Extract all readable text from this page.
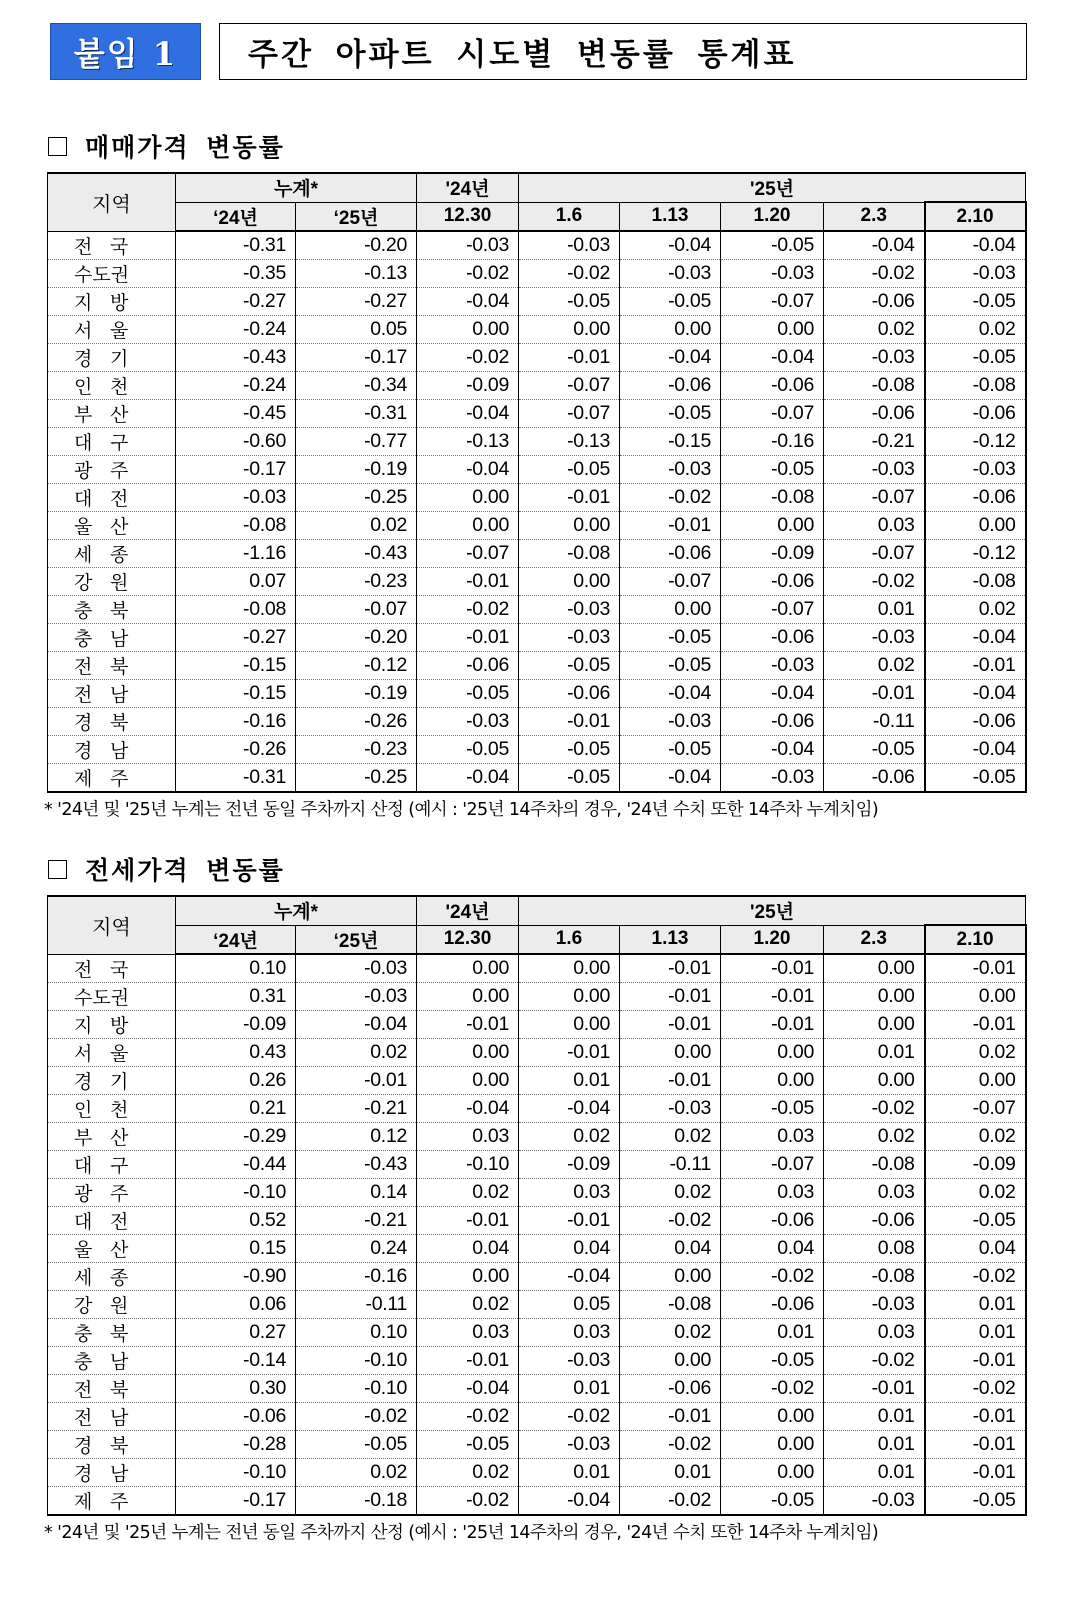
붙임 1	주간 아파트 시도별 변동률 통계표
매매가격 변동률
지역	누계*		'24년	'25년				
	‘24년	‘25년	12.30	1.6	1.13	1.20	2.3	2.10
전 국	-0.31	-0.20	-0.03	-0.03	-0.04	-0.05	-0.04	-0.04
수도권	-0.35	-0.13	-0.02	-0.02	-0.03	-0.03	-0.02	-0.03
지 방	-0.27	-0.27	-0.04	-0.05	-0.05	-0.07	-0.06	-0.05
서 울	-0.24	0.05	0.00	0.00	0.00	0.00	0.02	0.02
경 기	-0.43	-0.17	-0.02	-0.01	-0.04	-0.04	-0.03	-0.05
인 천	-0.24	-0.34	-0.09	-0.07	-0.06	-0.06	-0.08	-0.08
부 산	-0.45	-0.31	-0.04	-0.07	-0.05	-0.07	-0.06	-0.06
대 구	-0.60	-0.77	-0.13	-0.13	-0.15	-0.16	-0.21	-0.12
광 주	-0.17	-0.19	-0.04	-0.05	-0.03	-0.05	-0.03	-0.03
대 전	-0.03	-0.25	0.00	-0.01	-0.02	-0.08	-0.07	-0.06
울 산	-0.08	0.02	0.00	0.00	-0.01	0.00	0.03	0.00
세 종	-1.16	-0.43	-0.07	-0.08	-0.06	-0.09	-0.07	-0.12
강 원	0.07	-0.23	-0.01	0.00	-0.07	-0.06	-0.02	-0.08
충 북	-0.08	-0.07	-0.02	-0.03	0.00	-0.07	0.01	0.02
충 남	-0.27	-0.20	-0.01	-0.03	-0.05	-0.06	-0.03	-0.04
전 북	-0.15	-0.12	-0.06	-0.05	-0.05	-0.03	0.02	-0.01
전 남	-0.15	-0.19	-0.05	-0.06	-0.04	-0.04	-0.01	-0.04
경 북	-0.16	-0.26	-0.03	-0.01	-0.03	-0.06	-0.11	-0.06
경 남	-0.26	-0.23	-0.05	-0.05	-0.05	-0.04	-0.05	-0.04
제 주	-0.31	-0.25	-0.04	-0.05	-0.04	-0.03	-0.06	-0.05
* '24년 및 '25년 누계는 전년 동일 주차까지 산정 (예시 : '25년 14주차의 경우, '24년 수치 또한 14주차 누계치임)
전세가격 변동률
지역	누계*		'24년	'25년				
	‘24년	‘25년	12.30	1.6	1.13	1.20	2.3	2.10
전 국	0.10	-0.03	0.00	0.00	-0.01	-0.01	0.00	-0.01
수도권	0.31	-0.03	0.00	0.00	-0.01	-0.01	0.00	0.00
지 방	-0.09	-0.04	-0.01	0.00	-0.01	-0.01	0.00	-0.01
서 울	0.43	0.02	0.00	-0.01	0.00	0.00	0.01	0.02
경 기	0.26	-0.01	0.00	0.01	-0.01	0.00	0.00	0.00
인 천	0.21	-0.21	-0.04	-0.04	-0.03	-0.05	-0.02	-0.07
부 산	-0.29	0.12	0.03	0.02	0.02	0.03	0.02	0.02
대 구	-0.44	-0.43	-0.10	-0.09	-0.11	-0.07	-0.08	-0.09
광 주	-0.10	0.14	0.02	0.03	0.02	0.03	0.03	0.02
대 전	0.52	-0.21	-0.01	-0.01	-0.02	-0.06	-0.06	-0.05
울 산	0.15	0.24	0.04	0.04	0.04	0.04	0.08	0.04
세 종	-0.90	-0.16	0.00	-0.04	0.00	-0.02	-0.08	-0.02
강 원	0.06	-0.11	0.02	0.05	-0.08	-0.06	-0.03	0.01
충 북	0.27	0.10	0.03	0.03	0.02	0.01	0.03	0.01
충 남	-0.14	-0.10	-0.01	-0.03	0.00	-0.05	-0.02	-0.01
전 북	0.30	-0.10	-0.04	0.01	-0.06	-0.02	-0.01	-0.02
전 남	-0.06	-0.02	-0.02	-0.02	-0.01	0.00	0.01	-0.01
경 북	-0.28	-0.05	-0.05	-0.03	-0.02	0.00	0.01	-0.01
경 남	-0.10	0.02	0.02	0.01	0.01	0.00	0.01	-0.01
제 주	-0.17	-0.18	-0.02	-0.04	-0.02	-0.05	-0.03	-0.05
* '24년 및 '25년 누계는 전년 동일 주차까지 산정 (예시 : '25년 14주차의 경우, '24년 수치 또한 14주차 누계치임)
